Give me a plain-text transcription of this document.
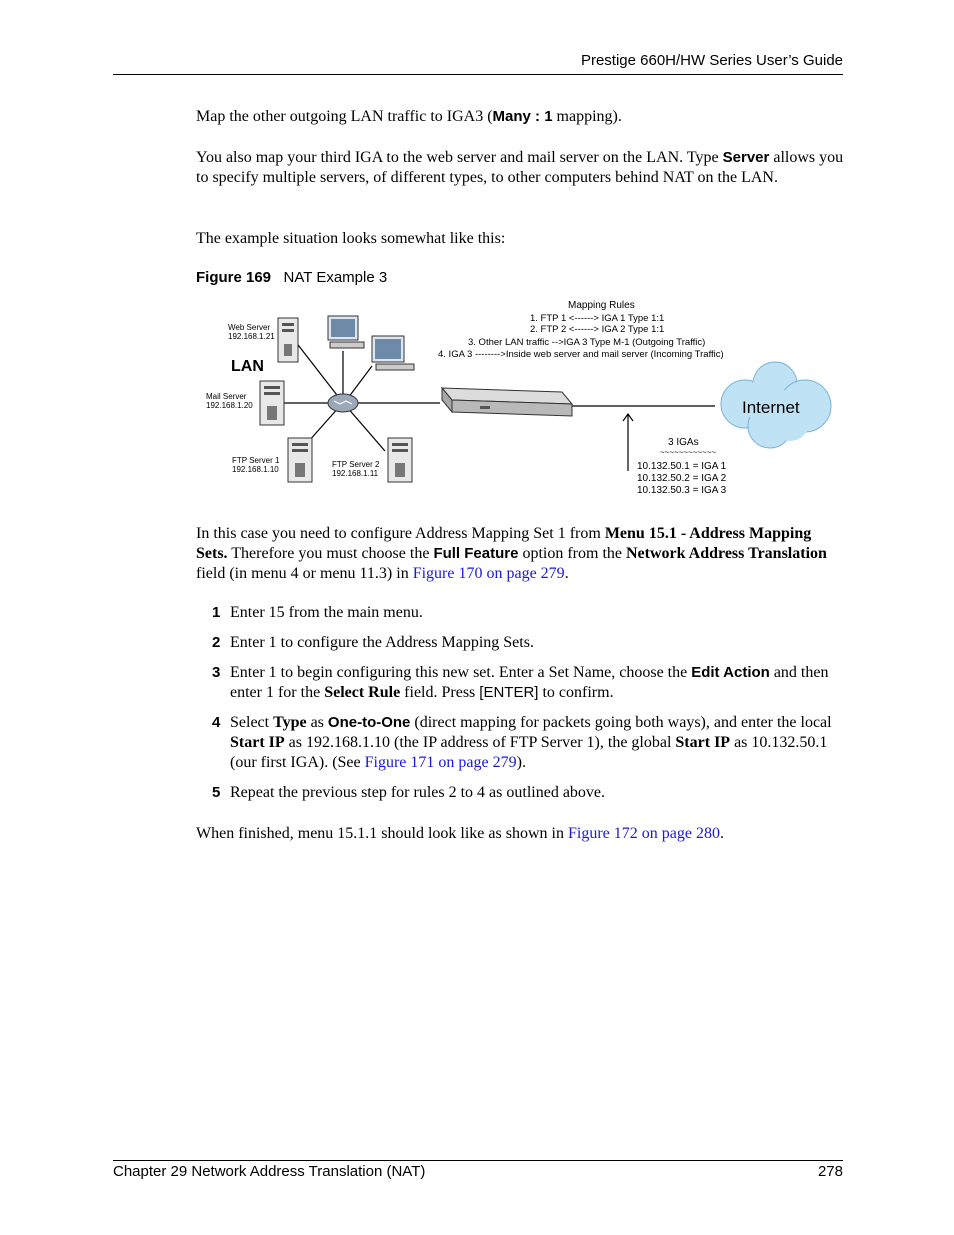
Prestige 660H/HW Series User’s Guide
Map the other outgoing LAN traffic to IGA3 (Many : 1 mapping).
You also map your third IGA to the web server and mail server on the LAN. Type Server allows you to specify multiple servers, of different types, to other computers behind NAT on the LAN.
The example situation looks somewhat like this:
Figure 169 NAT Example 3
Web Server
192.168.1.21
LAN
Mail Server
192.168.1.20
FTP Server 1
192.168.1.10
FTP Server 2
192.168.1.11
Mapping Rules
1. FTP 1 <------> IGA 1 Type 1:1
2. FTP 2 <------> IGA 2 Type 1:1
3. Other LAN traffic -->IGA 3 Type M-1 (Outgoing Traffic)
4. IGA 3 -------->Inside web server and mail server (Incoming Traffic)
Internet
3 IGAs
~~~~~~~~~~~~
10.132.50.1 = IGA 1
10.132.50.2 = IGA 2
10.132.50.3 = IGA 3
In this case you need to configure Address Mapping Set 1 from Menu 15.1 - Address Mapping Sets. Therefore you must choose the Full Feature option from the Network Address Translation field (in menu 4 or menu 11.3) in Figure 170 on page 279.
1 Enter 15 from the main menu.
2 Enter 1 to configure the Address Mapping Sets.
3 Enter 1 to begin configuring this new set. Enter a Set Name, choose the Edit Action and then enter 1 for the Select Rule field. Press [ENTER] to confirm.
4 Select Type as One-to-One (direct mapping for packets going both ways), and enter the local Start IP as 192.168.1.10 (the IP address of FTP Server 1), the global Start IP as 10.132.50.1 (our first IGA). (See Figure 171 on page 279).
5 Repeat the previous step for rules 2 to 4 as outlined above.
When finished, menu 15.1.1 should look like as shown in Figure 172 on page 280.
Chapter 29 Network Address Translation (NAT)	278
